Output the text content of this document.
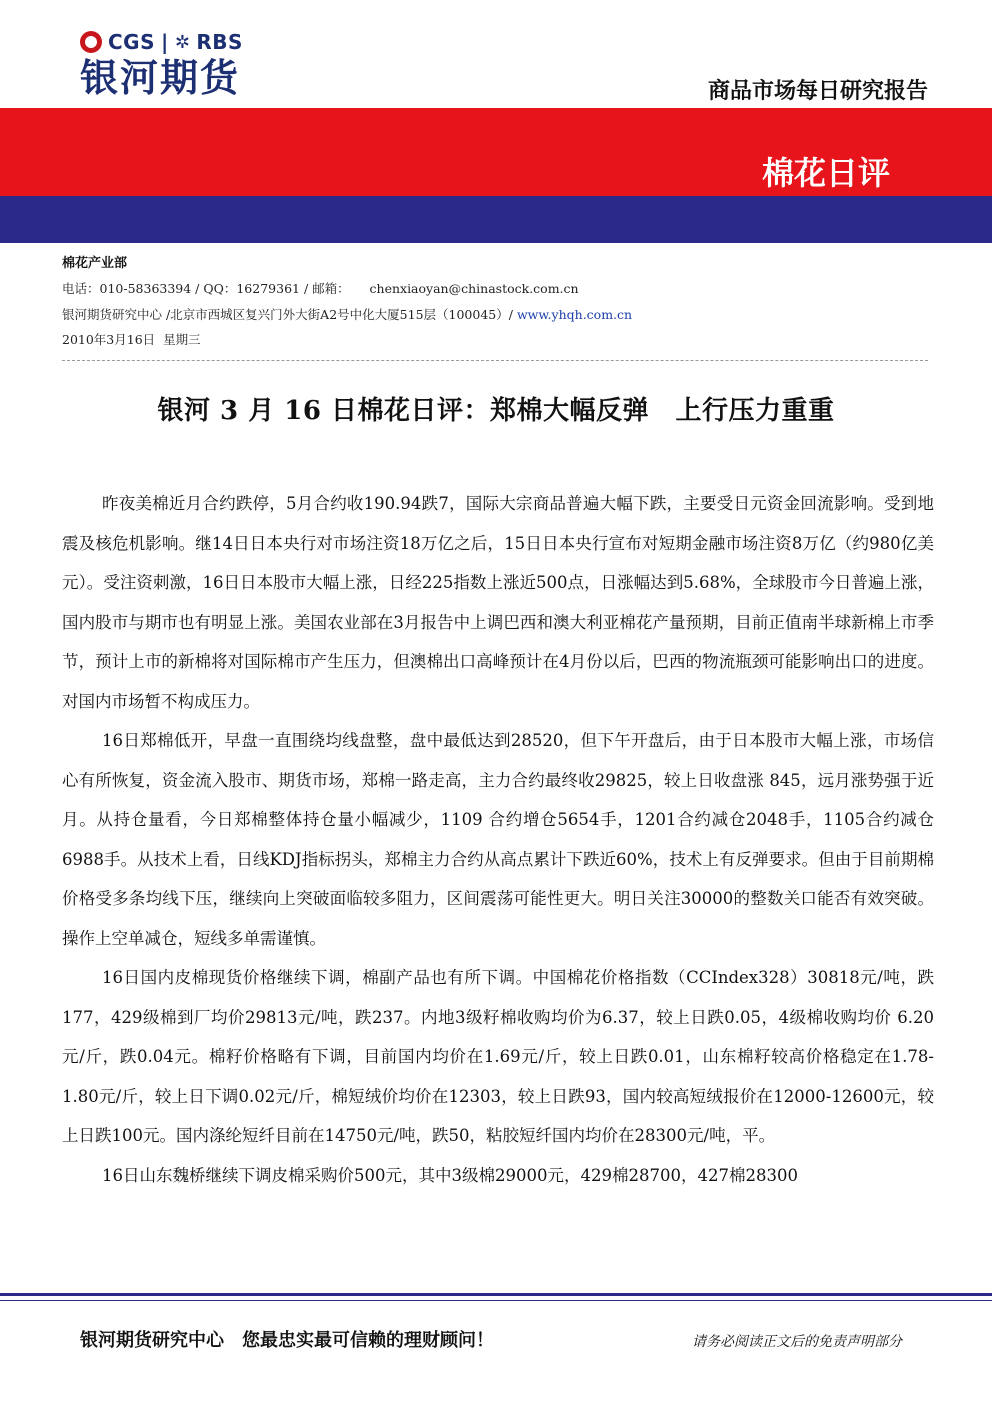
CGS | ✲ RBS
银河期货	商品市场每日研究报告
棉花日评
棉花产业部
电话：010-58363394 / QQ：16279361 / 邮箱：     chenxiaoyan@chinastock.com.cn
银河期货研究中心 /北京市西城区复兴门外大街A2号中化大厦515层（100045）/ www.yhqh.com.cn
2010年3月16日  星期三
银河 3 月 16 日棉花日评：郑棉大幅反弹　上行压力重重

昨夜美棉近月合约跌停，5月合约收190.94跌7，国际大宗商品普遍大幅下跌，主要受日元资金回流影响。受到地震及核危机影响。继14日日本央行对市场注资18万亿之后，15日日本央行宣布对短期金融市场注资8万亿（约980亿美元）。受注资刺激，16日日本股市大幅上涨，日经225指数上涨近500点，日涨幅达到5.68%，全球股市今日普遍上涨，国内股市与期市也有明显上涨。美国农业部在3月报告中上调巴西和澳大利亚棉花产量预期，目前正值南半球新棉上市季节，预计上市的新棉将对国际棉市产生压力，但澳棉出口高峰预计在4月份以后，巴西的物流瓶颈可能影响出口的进度。对国内市场暂不构成压力。

16日郑棉低开，早盘一直围绕均线盘整，盘中最低达到28520，但下午开盘后，由于日本股市大幅上涨，市场信心有所恢复，资金流入股市、期货市场，郑棉一路走高，主力合约最终收29825，较上日收盘涨 845，远月涨势强于近月。从持仓量看，今日郑棉整体持仓量小幅减少，1109 合约增仓5654手，1201合约减仓2048手，1105合约减仓6988手。从技术上看，日线KDJ指标拐头，郑棉主力合约从高点累计下跌近60%，技术上有反弹要求。但由于目前期棉价格受多条均线下压，继续向上突破面临较多阻力，区间震荡可能性更大。明日关注30000的整数关口能否有效突破。操作上空单减仓，短线多单需谨慎。

16日国内皮棉现货价格继续下调，棉副产品也有所下调。中国棉花价格指数（CCIndex328）30818元/吨，跌177，429级棉到厂均价29813元/吨，跌237。内地3级籽棉收购均价为6.37，较上日跌0.05，4级棉收购均价 6.20元/斤，跌0.04元。棉籽价格略有下调，目前国内均价在1.69元/斤，较上日跌0.01，山东棉籽较高价格稳定在1.78-1.80元/斤，较上日下调0.02元/斤，棉短绒价均价在12303，较上日跌93，国内较高短绒报价在12000-12600元，较上日跌100元。国内涤纶短纤目前在14750元/吨，跌50，粘胶短纤国内均价在28300元/吨，平。

16日山东魏桥继续下调皮棉采购价500元，其中3级棉29000元，429棉28700，427棉28300

银河期货研究中心　您最忠实最可信赖的理财顾问！	请务必阅读正文后的免责声明部分
